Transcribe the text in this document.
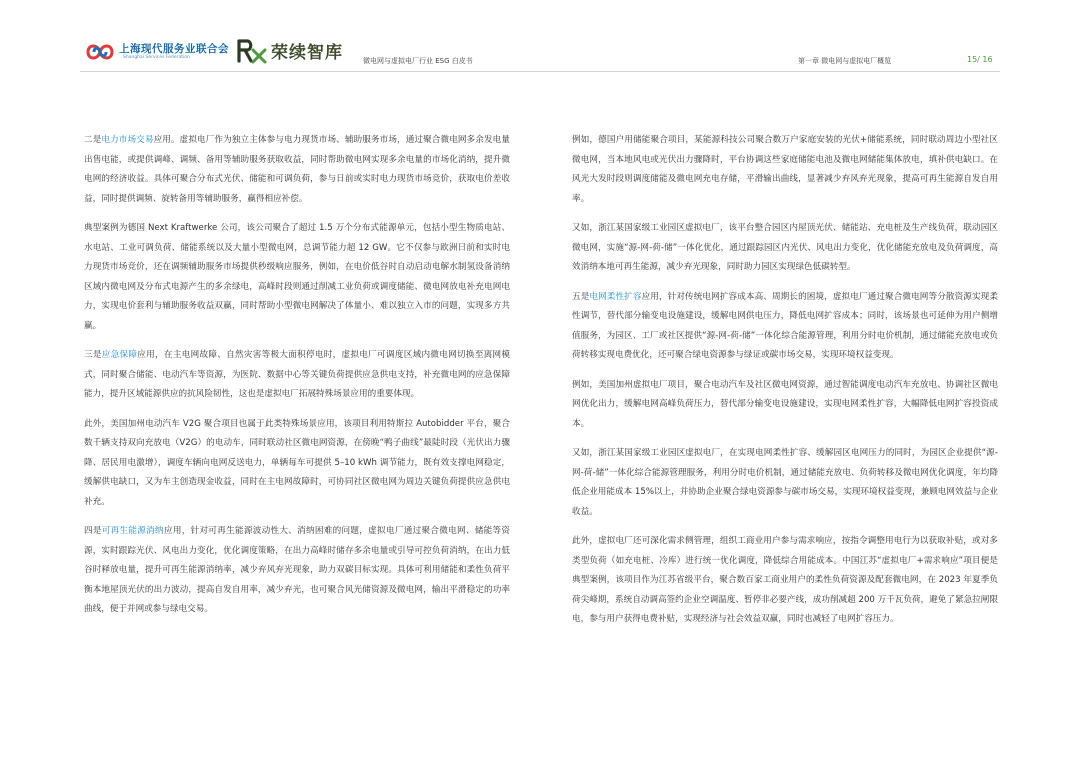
上海现代服务业联合会
Shanghai Services Federation	荣续智库	微电网与虚拟电厂行业 ESG 白皮书	第一章 微电网与虚拟电厂概览	15/ 16

二是电力市场交易应用。虚拟电厂作为独立主体参与电力现货市场、辅助服务市场，通过聚合微电网多余发电量出售电能，或提供调峰、调频、备用等辅助服务获取收益，同时帮助微电网实现多余电量的市场化消纳，提升微电网的经济收益。具体可聚合分布式光伏、储能和可调负荷，参与日前或实时电力现货市场竞价，获取电价差收益，同时提供调频、旋转备用等辅助服务，赢得相应补偿。

典型案例为德国 Next Kraftwerke 公司，该公司聚合了超过 1.5 万个分布式能源单元，包括小型生物质电站、水电站、工业可调负荷、储能系统以及大量小型微电网，总调节能力超 12 GW。它不仅参与欧洲日前和实时电力现货市场竞价，还在调频辅助服务市场提供秒级响应服务，例如，在电价低谷时自动启动电解水制氢设备消纳区域内微电网及分布式电源产生的多余绿电，高峰时段则通过削减工业负荷或调度储能、微电网放电补充电网电力，实现电价套利与辅助服务收益双赢，同时帮助小型微电网解决了体量小、难以独立入市的问题，实现多方共赢。

三是应急保障应用，在主电网故障、自然灾害等极大面积停电时，虚拟电厂可调度区域内微电网切换至离网模式，同时聚合储能、电动汽车等资源，为医院、数据中心等关键负荷提供应急供电支持，补充微电网的应急保障能力，提升区域能源供应的抗风险韧性，这也是虚拟电厂拓展特殊场景应用的重要体现。

此外，美国加州电动汽车 V2G 聚合项目也属于此类特殊场景应用，该项目利用特斯拉 Autobidder 平台，聚合数千辆支持双向充放电（V2G）的电动车，同时联动社区微电网资源，在傍晚“鸭子曲线”最陡时段（光伏出力骤降、居民用电激增），调度车辆向电网反送电力，单辆每车可提供 5–10 kWh 调节能力，既有效支撑电网稳定，缓解供电缺口，又为车主创造现金收益，同时在主电网故障时，可协同社区微电网为周边关键负荷提供应急供电补充。

四是可再生能源消纳应用，针对可再生能源波动性大、消纳困难的问题，虚拟电厂通过聚合微电网、储能等资源，实时跟踪光伏、风电出力变化，优化调度策略，在出力高峰时储存多余电量或引导可控负荷消纳，在出力低谷时释放电量，提升可再生能源消纳率，减少弃风弃光现象，助力双碳目标实现。具体可利用储能和柔性负荷平衡本地屋顶光伏的出力波动，提高自发自用率，减少弃光，也可聚合风光储资源及微电网，输出平滑稳定的功率曲线，便于并网或参与绿电交易。

例如，德国户用储能聚合项目，某能源科技公司聚合数万户家庭安装的光伏+储能系统，同时联动周边小型社区微电网，当本地风电或光伏出力骤降时，平台协调这些家庭储能电池及微电网储能集体放电，填补供电缺口。在风光大发时段则调度储能及微电网充电存储，平滑输出曲线，显著减少弃风弃光现象，提高可再生能源自发自用率。

又如，浙江某国家级工业园区虚拟电厂，该平台整合园区内屋顶光伏、储能站、充电桩及生产线负荷，联动园区微电网，实施“源-网-荷-储”一体化优化，通过跟踪园区内光伏、风电出力变化，优化储能充放电及负荷调度，高效消纳本地可再生能源，减少弃光现象，同时助力园区实现绿色低碳转型。

五是电网柔性扩容应用，针对传统电网扩容成本高、周期长的困境，虚拟电厂通过聚合微电网等分散资源实现柔性调节，替代部分输变电设施建设，缓解电网供电压力，降低电网扩容成本；同时，该场景也可延伸为用户侧增值服务，为园区、工厂或社区提供“源-网-荷-储”一体化综合能源管理，利用分时电价机制，通过储能充放电或负荷转移实现电费优化，还可聚合绿电资源参与绿证或碳市场交易，实现环境权益变现。

例如，美国加州虚拟电厂项目，聚合电动汽车及社区微电网资源，通过智能调度电动汽车充放电、协调社区微电网优化出力，缓解电网高峰负荷压力，替代部分输变电设施建设，实现电网柔性扩容，大幅降低电网扩容投资成本。

又如，浙江某国家级工业园区虚拟电厂，在实现电网柔性扩容、缓解园区电网压力的同时，为园区企业提供“源-网-荷-储”一体化综合能源管理服务，利用分时电价机制，通过储能充放电、负荷转移及微电网优化调度，年均降低企业用能成本 15%以上，并协助企业聚合绿电资源参与碳市场交易，实现环境权益变现，兼顾电网效益与企业收益。

此外，虚拟电厂还可深化需求侧管理，组织工商业用户参与需求响应，按指令调整用电行为以获取补贴，或对多类型负荷（如充电桩、冷库）进行统一优化调度，降低综合用能成本。中国江苏“虚拟电厂+需求响应”项目便是典型案例，该项目作为江苏省级平台，聚合数百家工商业用户的柔性负荷资源及配套微电网，在 2023 年夏季负荷尖峰期，系统自动调高签约企业空调温度、暂停非必要产线，成功削减超 200 万千瓦负荷，避免了紧急拉闸限电，参与用户获得电费补贴，实现经济与社会效益双赢，同时也减轻了电网扩容压力。
